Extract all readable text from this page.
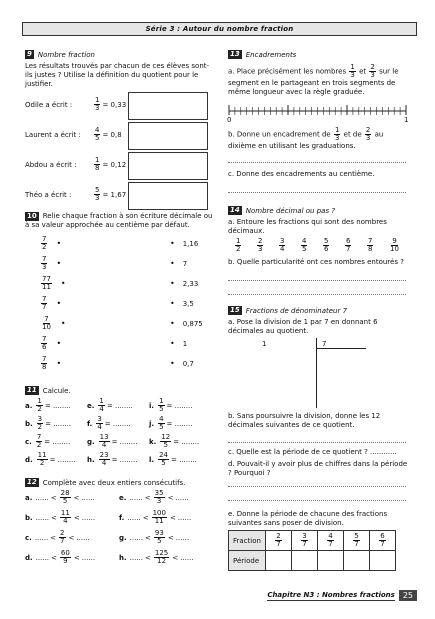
Série 3 : Autour du nombre fraction
9 Nombre fraction
Les résultats trouvés par chacun de ces élèves sont-ils justes ? Utilise la définition du quotient pour le justifier.
Odile a écrit :	$\frac{1}{3} = 0,33$
Laurent a écrit :	$\frac{4}{5} = 0,8$
Abdou a écrit :	$\frac{1}{8} = 0,12$
Théo a écrit :	$\frac{5}{3} = 1,67$
10 Relie chaque fraction à son écriture décimale ou à sa valeur approchée au centième par défaut.
$\frac{7}{2}$ •	• 1,16
$\frac{7}{3}$ •	• 7
$\frac{77}{11}$ •	• 2,33
$\frac{7}{7}$ •	• 3,5
$\frac{7}{10}$ •	• 0,875
$\frac{7}{6}$ •	• 1
$\frac{7}{8}$ •	• 0,7
11 Calcule.
a. $\frac{1}{2}$ = ........ e. $\frac{1}{4}$ = ........ i. $\frac{1}{5}$ = ........
b. $\frac{3}{2}$ = ........ f. $\frac{3}{4}$ = ........	j. $\frac{4}{5}$ = ........
c. $\frac{7}{2}$ = ........ g. $\frac{13}{4}$ = ........ k. $\frac{12}{5}$ = ........
d. $\frac{11}{2}$ = ........ h. $\frac{23}{4}$ = ........ l. $\frac{24}{5}$ = ........
12 Complète avec deux entiers consécutifs.
a. ...... < $\frac{28}{5}$ < ......	e. ...... < $\frac{35}{3}$ < ......
b. ...... < $\frac{11}{4}$ < ......	f. ...... < $\frac{100}{11}$ < ......
c. ...... < $\frac{2}{7}$ < ......	g. ...... < $\frac{93}{5}$ < ......
d. ...... < $\frac{60}{9}$ < ......	h. ...... < $\frac{125}{12}$ < ......
13 Encadrements
a. Place précisément les nombres $\frac{1}{3}$ et $\frac{2}{3}$ sur le segment en le partageant en trois segments de même longueur avec la règle graduée.
0	1
b. Donne un encadrement de $\frac{1}{3}$ et de $\frac{2}{3}$ au dixième en utilisant les graduations.
c. Donne des encadrements au centième.
14 Nombre décimal ou pas ?
a. Entoure les fractions qui sont des nombres décimaux.
$\frac{1}{2} \frac{2}{3} \frac{3}{4} \frac{4}{5} \frac{5}{6} \frac{6}{7} \frac{7}{8} \frac{9}{10}$
b. Quelle particularité ont ces nombres entourés ?
15 Fractions de dénominateur 7
a. Pose la division de 1 par 7 en donnant 6 décimales au quotient.
1	7
b. Sans poursuivre la division, donne les 12 décimales suivantes de ce quotient.
c. Quelle est la période de ce quotient ? ............
d. Pouvait-il y avoir plus de chiffres dans la période ? Pourquoi ?
e. Donne la période de chacune des fractions suivantes sans poser de division.
Fraction	$\frac{2}{7}$	$\frac{3}{7}$	$\frac{4}{7}$	$\frac{5}{7}$	$\frac{6}{7}$

Période					
Chapitre N3 : Nombres fractions	25
